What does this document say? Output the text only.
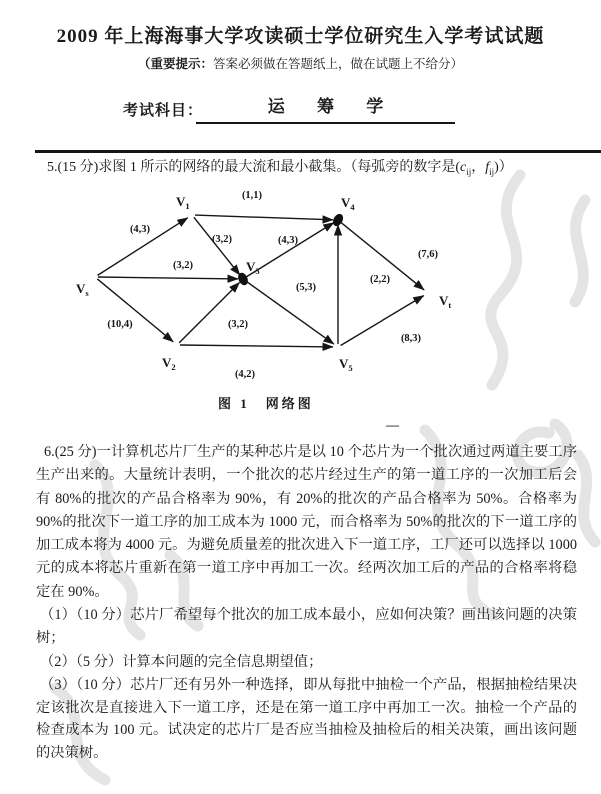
2009 年上海海事大学攻读硕士学位研究生入学考试试题
（重要提示：答案必须做在答题纸上，做在试题上不给分）
考试科目：	运 筹 学
5.(15 分)求图 1 所示的网络的最大流和最小截集。（每弧旁的数字是($c_{ij}$，$f_{ij}$)）
(4,3)
(3,2)
(10,4)
(1,1)
(3,2)
(3,2)
(4,2)
(4,3)
(5,3)
(2,2)
(7,6)
(8,3)
$V_s$
$V_1$
$V_2$
$V_3$
$V_4$
$V_5$
$V_t$
图 1　网络图
—
6.(25 分)一计算机芯片厂生产的某种芯片是以 10 个芯片为一个批次通过两道主要工序生产出来的。大量统计表明，一个批次的芯片经过生产的第一道工序的一次加工后会有 80%的批次的产品合格率为 90%，有 20%的批次的产品合格率为 50%。合格率为 90%的批次下一道工序的加工成本为 1000 元，而合格率为 50%的批次的下一道工序的加工成本将为 4000 元。为避免质量差的批次进入下一道工序，工厂还可以选择以 1000 元的成本将芯片重新在第一道工序中再加工一次。经两次加工后的产品的合格率将稳定在 90%。
（1）（10 分）芯片厂希望每个批次的加工成本最小，应如何决策？画出该问题的决策树；
（2）（5 分）计算本问题的完全信息期望值；
（3）（10 分）芯片厂还有另外一种选择，即从每批中抽检一个产品，根据抽检结果决定该批次是直接进入下一道工序，还是在第一道工序中再加工一次。抽检一个产品的检查成本为 100 元。试决定的芯片厂是否应当抽检及抽检后的相关决策，画出该问题的决策树。
